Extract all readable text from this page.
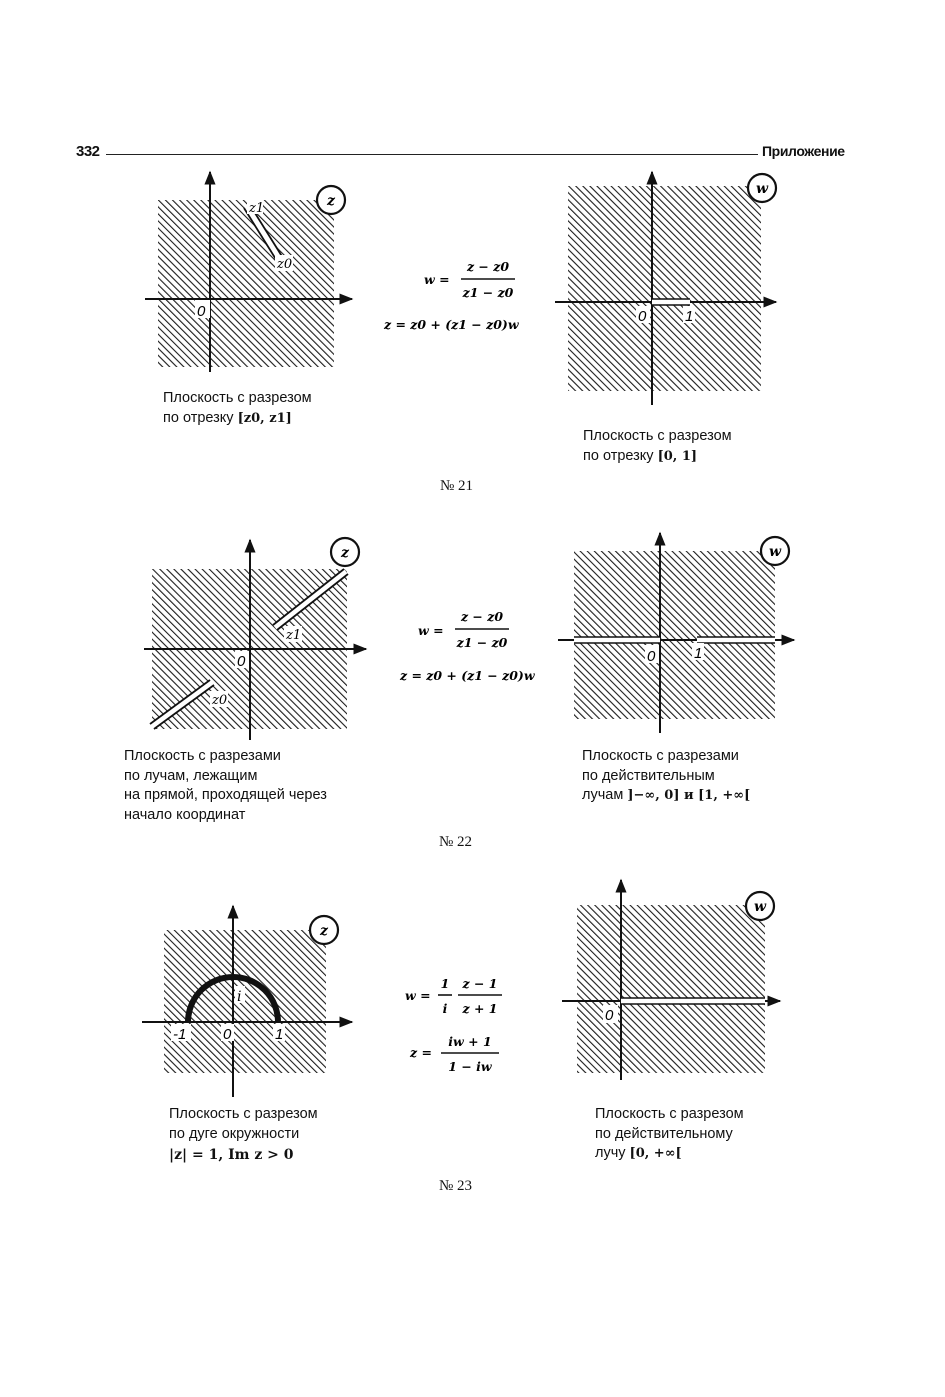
332	Приложение
z1
z0
0
z
w =
z − z0
z1 − z0
z = z0 + (z1 − z0)w	0	1
w
z1
z0
0
z
w =
z − z0
z1 − z0
z = z0 + (z1 − z0)w
0	1
w
-1 0	1
i
z
w =
1
i
z − 1
z + 1
z =
iw + 1
1 − iw
0
w
Плоскость с разрезом
по отрезку [z0, z1]
Плоскость с разрезом
по отрезку [0, 1]
№ 21
Плоскость с разрезами
по лучам, лежащим
на прямой, проходящей через
начало координат
Плоскость с разрезами
по действительным
лучам ]−∞, 0] и [1, +∞[
№ 22
Плоскость с разрезом
по дуге окружности
|z| = 1, Im z > 0
Плоскость с разрезом
по действительному
лучу [0, +∞[
№ 23
